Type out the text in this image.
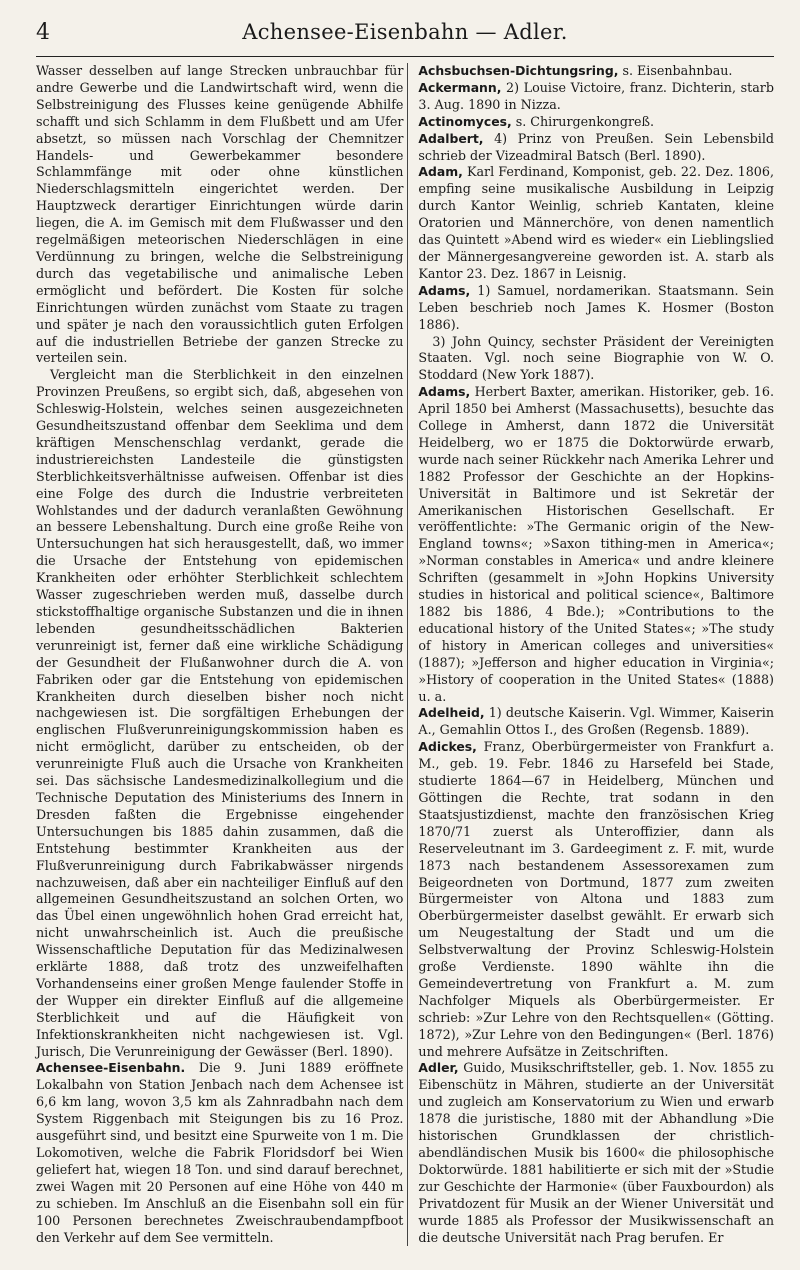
4	Achensee-Eisenbahn — Adler.

Wasser desselben auf lange Strecken unbrauchbar für andre Gewerbe und die Landwirtschaft wird, wenn die Selbstreinigung des Flusses keine genügende Abhilfe schafft und sich Schlamm in dem Flußbett und am Ufer absetzt, so müssen nach Vorschlag der Chemnitzer Handels- und Gewerbekammer besondere Schlammfänge mit oder ohne künstlichen Niederschlagsmitteln eingerichtet werden. Der Hauptzweck derartiger Einrichtungen würde darin liegen, die A. im Gemisch mit dem Flußwasser und den regelmäßigen meteorischen Niederschlägen in eine Verdünnung zu bringen, welche die Selbstreinigung durch das vegetabilische und animalische Leben ermöglicht und befördert. Die Kosten für solche Einrichtungen würden zunächst vom Staate zu tragen und später je nach den voraussichtlich guten Erfolgen auf die industriellen Betriebe der ganzen Strecke zu verteilen sein.

Vergleicht man die Sterblichkeit in den einzelnen Provinzen Preußens, so ergibt sich, daß, abgesehen von Schleswig-Holstein, welches seinen ausgezeichneten Gesundheitszustand offenbar dem Seeklima und dem kräftigen Menschenschlag verdankt, gerade die industriereichsten Landesteile die günstigsten Sterblichkeitsverhältnisse aufweisen. Offenbar ist dies eine Folge des durch die Industrie verbreiteten Wohlstandes und der dadurch veranlaßten Gewöhnung an bessere Lebenshaltung. Durch eine große Reihe von Untersuchungen hat sich herausgestellt, daß, wo immer die Ursache der Entstehung von epidemischen Krankheiten oder erhöhter Sterblichkeit schlechtem Wasser zugeschrieben werden muß, dasselbe durch stickstoffhaltige organische Substanzen und die in ihnen lebenden gesundheitsschädlichen Bakterien verunreinigt ist, ferner daß eine wirkliche Schädigung der Gesundheit der Flußanwohner durch die A. von Fabriken oder gar die Entstehung von epidemischen Krankheiten durch dieselben bisher noch nicht nachgewiesen ist. Die sorgfältigen Erhebungen der englischen Flußverunreinigungskommission haben es nicht ermöglicht, darüber zu entscheiden, ob der verunreinigte Fluß auch die Ursache von Krankheiten sei. Das sächsische Landesmedizinalkollegium und die Technische Deputation des Ministeriums des Innern in Dresden faßten die Ergebnisse eingehender Untersuchungen bis 1885 dahin zusammen, daß die Entstehung bestimmter Krankheiten aus der Flußverunreinigung durch Fabrikabwässer nirgends nachzuweisen, daß aber ein nachteiliger Einfluß auf den allgemeinen Gesundheitszustand an solchen Orten, wo das Übel einen ungewöhnlich hohen Grad erreicht hat, nicht unwahrscheinlich ist. Auch die preußische Wissenschaftliche Deputation für das Medizinalwesen erklärte 1888, daß trotz des unzweifelhaften Vorhandenseins einer großen Menge faulender Stoffe in der Wupper ein direkter Einfluß auf die allgemeine Sterblichkeit und auf die Häufigkeit von Infektionskrankheiten nicht nachgewiesen ist. Vgl. Jurisch, Die Verunreinigung der Gewässer (Berl. 1890).

Achensee-Eisenbahn. Die 9. Juni 1889 eröffnete Lokalbahn von Station Jenbach nach dem Achensee ist 6,6 km lang, wovon 3,5 km als Zahnradbahn nach dem System Riggenbach mit Steigungen bis zu 16 Proz. ausgeführt sind, und besitzt eine Spurweite von 1 m. Die Lokomotiven, welche die Fabrik Floridsdorf bei Wien geliefert hat, wiegen 18 Ton. und sind darauf berechnet, zwei Wagen mit 20 Personen auf eine Höhe von 440 m zu schieben. Im Anschluß an die Eisenbahn soll ein für 100 Personen berechnetes Zweischraubendampfboot den Verkehr auf dem See vermitteln.

Achsbuchsen-Dichtungsring, s. Eisenbahnbau.

Ackermann, 2) Louise Victoire, franz. Dichterin, starb 3. Aug. 1890 in Nizza.

Actinomyces, s. Chirurgenkongreß.

Adalbert, 4) Prinz von Preußen. Sein Lebensbild schrieb der Vizeadmiral Batsch (Berl. 1890).

Adam, Karl Ferdinand, Komponist, geb. 22. Dez. 1806, empfing seine musikalische Ausbildung in Leipzig durch Kantor Weinlig, schrieb Kantaten, kleine Oratorien und Männerchöre, von denen namentlich das Quintett »Abend wird es wieder« ein Lieblingslied der Männergesangvereine geworden ist. A. starb als Kantor 23. Dez. 1867 in Leisnig.

Adams, 1) Samuel, nordamerikan. Staatsmann. Sein Leben beschrieb noch James K. Hosmer (Boston 1886).

3) John Quincy, sechster Präsident der Vereinigten Staaten. Vgl. noch seine Biographie von W. O. Stoddard (New York 1887).

Adams, Herbert Baxter, amerikan. Historiker, geb. 16. April 1850 bei Amherst (Massachusetts), besuchte das College in Amherst, dann 1872 die Universität Heidelberg, wo er 1875 die Doktorwürde erwarb, wurde nach seiner Rückkehr nach Amerika Lehrer und 1882 Professor der Geschichte an der Hopkins-Universität in Baltimore und ist Sekretär der Amerikanischen Historischen Gesellschaft. Er veröffentlichte: »The Germanic origin of the New-England towns«; »Saxon tithing-men in America«; »Norman constables in America« und andre kleinere Schriften (gesammelt in »John Hopkins University studies in historical and political science«, Baltimore 1882 bis 1886, 4 Bde.); »Contributions to the educational history of the United States«; »The study of history in American colleges and universities« (1887); »Jefferson and higher education in Virginia«; »History of cooperation in the United States« (1888) u. a.

Adelheid, 1) deutsche Kaiserin. Vgl. Wimmer, Kaiserin A., Gemahlin Ottos I., des Großen (Regensb. 1889).

Adickes, Franz, Oberbürgermeister von Frankfurt a. M., geb. 19. Febr. 1846 zu Harsefeld bei Stade, studierte 1864—67 in Heidelberg, München und Göttingen die Rechte, trat sodann in den Staatsjustizdienst, machte den französischen Krieg 1870/71 zuerst als Unteroffizier, dann als Reserveleutnant im 3. Gardeegiment z. F. mit, wurde 1873 nach bestandenem Assessorexamen zum Beigeordneten von Dortmund, 1877 zum zweiten Bürgermeister von Altona und 1883 zum Oberbürgermeister daselbst gewählt. Er erwarb sich um Neugestaltung der Stadt und um die Selbstverwaltung der Provinz Schleswig-Holstein große Verdienste. 1890 wählte ihn die Gemeindevertretung von Frankfurt a. M. zum Nachfolger Miquels als Oberbürgermeister. Er schrieb: »Zur Lehre von den Rechtsquellen« (Götting. 1872), »Zur Lehre von den Bedingungen« (Berl. 1876) und mehrere Aufsätze in Zeitschriften.

Adler, Guido, Musikschriftsteller, geb. 1. Nov. 1855 zu Eibenschütz in Mähren, studierte an der Universität und zugleich am Konservatorium zu Wien und erwarb 1878 die juristische, 1880 mit der Abhandlung »Die historischen Grundklassen der christlich-abendländischen Musik bis 1600« die philosophische Doktorwürde. 1881 habilitierte er sich mit der »Studie zur Geschichte der Harmonie« (über Fauxbourdon) als Privatdozent für Musik an der Wiener Universität und wurde 1885 als Professor der Musikwissenschaft an die deutsche Universität nach Prag berufen. Er
